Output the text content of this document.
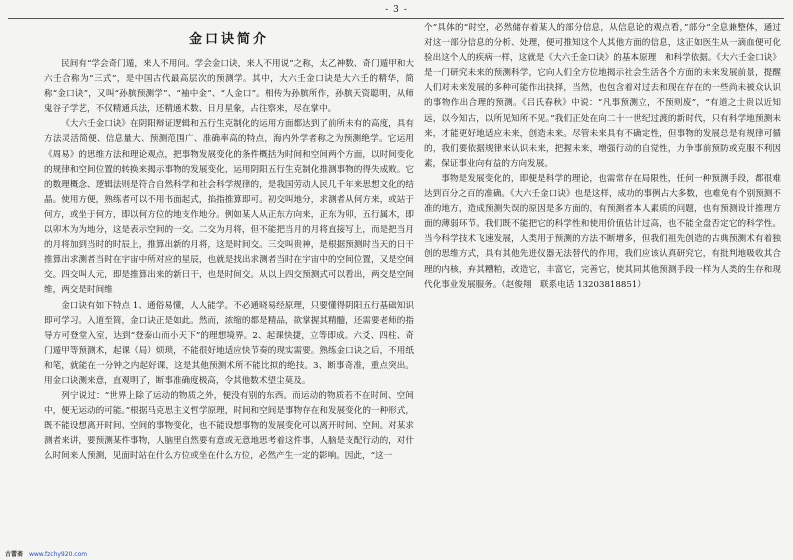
- 3 -
金口诀简介

民间有“学会奇门遁，来人不用问。学会金口诀，来人不用说”之称，太乙神数、奇门遁甲和大六壬合称为“三式”，是中国古代最高层次的预测学。其中，大六壬金口诀是大六壬的精华，简称“金口诀”，又叫“孙膑预测学”、“袖中金”、“人金口”。相传为孙膑所作，孙膑天资聪明，从师鬼谷子学艺，不仅精通兵法，还精通术数、日月星象，占往察来，尽在掌中。

《大六壬金口诀》在阴阳辩证逻辑和五行生克制化的运用方面都达到了前所未有的高度，具有方法灵活简便、信息量大、预测范围广、准确率高的特点，海内外学者称之为预测绝学。它运用《周易》的思维方法和理论观点，把事物发展变化的条件概括为时间和空间两个方面，以时间变化的规律和空间位置的转换来揭示事物的发展变化，运用阴阳五行生克制化推测事物的得失成败。它的数理概念、逻辑法则是符合自然科学和社会科学规律的，是我国劳动人民几千年来思想文化的结晶。使用方便，熟练者可以不用书面起式，掐指推算即可。初交叫地分，求测者从何方来，或站于何方，或坐于何方，即以何方位的地支作地分。例如某人从正东方向来，正东为卯，五行属木，即以卯木为为地分，这是表示空间的一交。二交为月将，但不能把当月的月将直接写上，而是把当月的月将加到当时的时辰上，推算出新的月将，这是时间交。三交叫贵神，是根据预测时当天的日干推算出求测者当时在宇宙中所对应的星辰，也就是找出求测者当时在宇宙中的空间位置，又是空间交。四交叫人元，即是推算出来的新日干，也是时间交。从以上四交预测式可以看出，两交是空间维，两交是时间维

金口诀有如下特点 1、通俗易懂，人人能学。不必通晓易经原理，只要懂得阴阳五行基础知识即可学习。入道至简，金口诀正是如此。然而，浓缩的都是精品，欲掌握其精髓，还需要老师的指导方可登堂入室，达到“登泰山而小天下”的理想境界。2、起课快捷，立等即成。六爻、四柱、奇门遁甲等预测术，起课（局）烦琐，不能很好地适应快节奏的现实需要。熟练金口诀之后，不用纸和笔，就能在一分钟之内起好课，这是其他预测术所不能比拟的绝技。3、断事奇准，重点突出。用金口诀测来意，直观明了，断事准确度极高，令其他数术望尘莫及。

列宁说过：“世界上除了运动的物质之外，便没有别的东西。而运动的物质若不在时间、空间中，便无运动的可能。”根据马克思主义哲学原理，时间和空间是事物存在和发展变化的一种形式，既不能设想离开时间、空间的事物变化，也不能设想事物的发展变化可以离开时间、空间。对某求测者来讲，要预测某件事物，人脑里自然要有意或无意地思考着这件事，人脑是支配行动的，对什么时间来人预测，见面时站在什么方位或坐在什么方位，必然产生一定的影响。因此，“这一

个”具体的“时空，必然储存着某人的部分信息，从信息论的观点看，”部分“全息兼整体，通过对这一部分信息的分析、处理，便可推知这个人其他方面的信息，这正如医生从一滴血便可化验出这个人的疾病一样，这就是《大六壬金口诀》的基本原理　和科学依据。《大六壬金口诀》是一门研究未来的预测科学，它向人们全方位地揭示社会生活各个方面的未来发展前景，提醒人们对未来发展的多种可能作出抉择，当然，也包含着对过去和现在存在的一些尚未被众认识的事物作出合理的预测。《吕氏春秋》中说：“凡事预测立，不预则废”，“有道之士贵以近知远，以今知古，以所见知所不见。”我们正处在向二十一世纪过渡的新时代，只有科学地预测未来，才能更好地适应未来，创造未来。尽管未来具有不确定性，但事物的发展总是有规律可循的，我们要依据规律来认识未来，把握未来，增强行动的自觉性，力争事前预防或克服不利因素，保证事业向有益的方向发展。

事物是发展变化的，即便是科学的理论，也需常存在局限性，任何一种预测手段，都很难达到百分之百的准确。《大六壬金口诀》也是这样，成功的事例占大多数，也难免有个别预测不准的地方，造成预测失误的原因是多方面的，有预测者本人素质的问题，也有预测设计推理方面的薄弱环节。我们既不能把它的科学性和使用价值估计过高，也不能全盘否定它的科学性。当今科学技术飞速发展，人类用于预测的方法不断增多，但我们祖先创造的古典预测术有着独创的思维方式，具有其他先进仪器无法替代的作用，我们应该认真研究它，有批判地吸收其合理的内核，弃其糟粕，改造它，丰富它，完善它，使其同其他预测手段一样为人类的生存和现代化事业发展服务。（赵俊翔　联系电话 13203818851）

古蕾斋 www.fzchy920.com
